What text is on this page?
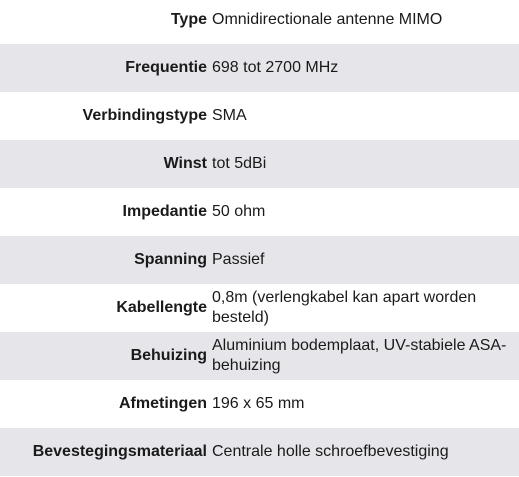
Type Omnidirectionale antenne MIMO
Frequentie 698 tot 2700 MHz
Verbindingstype SMA
Winst tot 5dBi
Impedantie 50 ohm
Spanning Passief
Kabellengte
0,8m (verlengkabel kan apart worden besteld)
Behuizing
Aluminium bodemplaat, UV-stabiele ASA-behuizing
Afmetingen 196 x 65 mm
Bevestegingsmateriaal Centrale holle schroefbevestiging
